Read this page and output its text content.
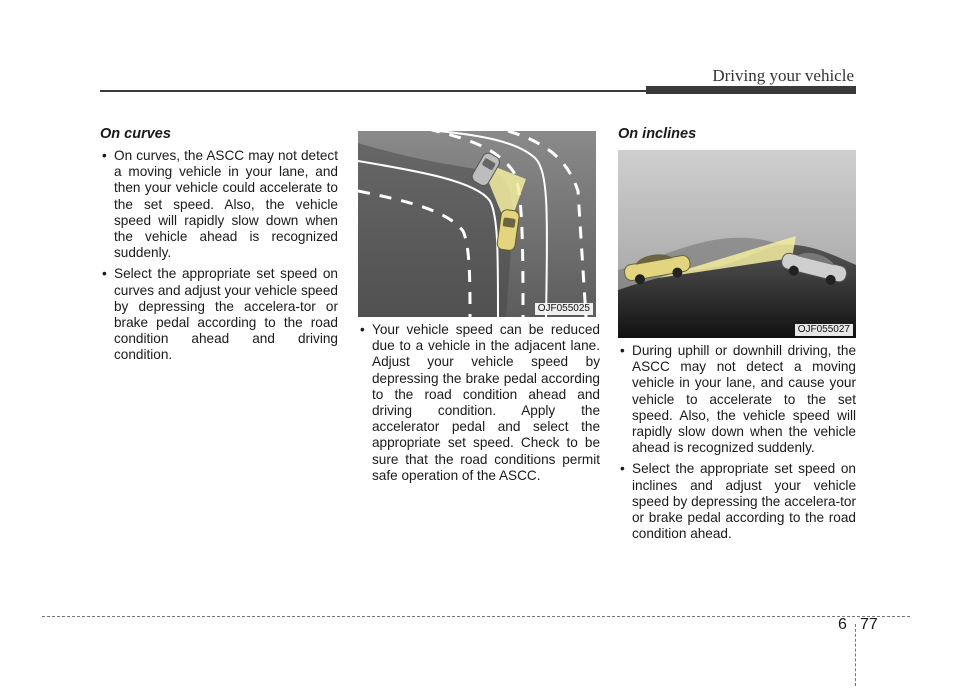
Driving your vehicle
On curves
• On curves, the ASCC may not detect a moving vehicle in your lane, and then your vehicle could accelerate to the set speed. Also, the vehicle speed will rapidly slow down when the vehicle ahead is recognized suddenly.
• Select the appropriate set speed on curves and adjust your vehicle speed by depressing the accelera-tor or brake pedal according to the road condition ahead and driving condition.
OJF055025
• Your vehicle speed can be reduced due to a vehicle in the adjacent lane. Adjust your vehicle speed by depressing the brake pedal according to the road condition ahead and driving condition. Apply the accelerator pedal and select the appropriate set speed. Check to be sure that the road conditions permit safe operation of the ASCC.
On inclines
OJF055027
• During uphill or downhill driving, the ASCC may not detect a moving vehicle in your lane, and cause your vehicle to accelerate to the set speed. Also, the vehicle speed will rapidly slow down when the vehicle ahead is recognized suddenly.
• Select the appropriate set speed on inclines and adjust your vehicle speed by depressing the accelera-tor or brake pedal according to the road condition ahead.
6 77
